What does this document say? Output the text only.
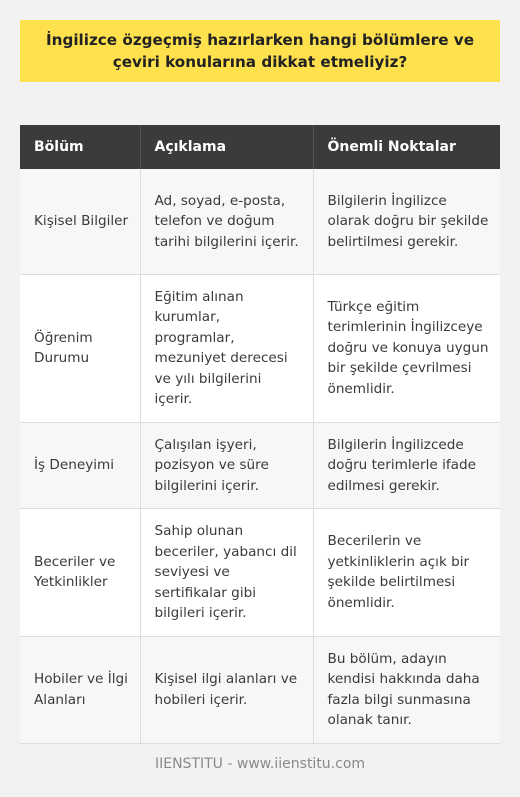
İngilizce özgeçmiş hazırlarken hangi bölümlere ve çeviri konularına dikkat etmeliyiz?
Bölüm	Açıklama	Önemli Noktalar
Kişisel Bilgiler	Ad, soyad, e-posta, telefon ve doğum tarihi bilgilerini içerir.	Bilgilerin İngilizce olarak doğru bir şekilde belirtilmesi gerekir.
Öğrenim Durumu	Eğitim alınan kurumlar, programlar, mezuniyet derecesi ve yılı bilgilerini içerir.	Türkçe eğitim terimlerinin İngilizceye doğru ve konuya uygun bir şekilde çevrilmesi önemlidir.
İş Deneyimi	Çalışılan işyeri, pozisyon ve süre bilgilerini içerir.	Bilgilerin İngilizcede doğru terimlerle ifade edilmesi gerekir.
Beceriler ve Yetkinlikler	Sahip olunan beceriler, yabancı dil seviyesi ve sertifikalar gibi bilgileri içerir.	Becerilerin ve yetkinliklerin açık bir şekilde belirtilmesi önemlidir.
Hobiler ve İlgi Alanları	Kişisel ilgi alanları ve hobileri içerir.	Bu bölüm, adayın kendisi hakkında daha fazla bilgi sunmasına olanak tanır.
IIENSTITU - www.iienstitu.com
